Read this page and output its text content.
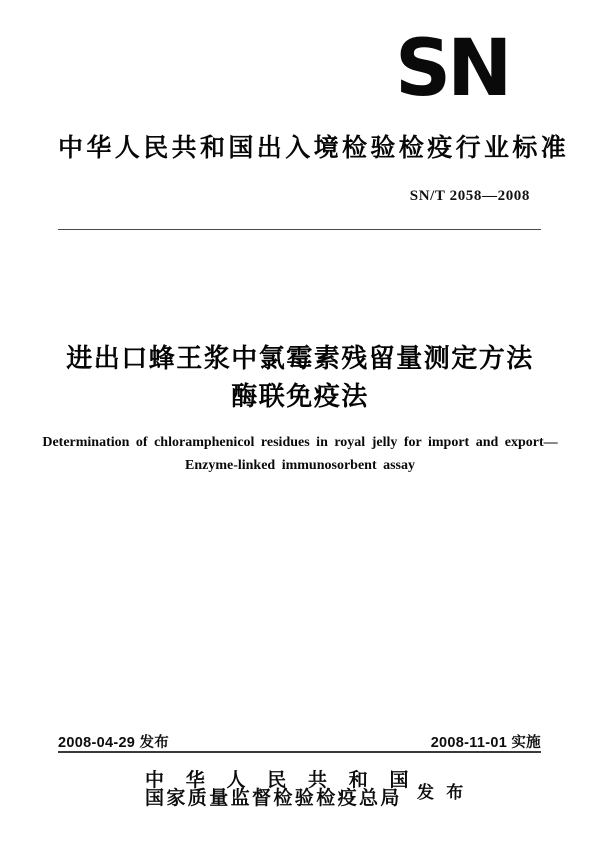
SN
中华人民共和国出入境检验检疫行业标准
SN/T 2058—2008
进出口蜂王浆中氯霉素残留量测定方法
酶联免疫法
Determination of chloramphenicol residues in royal jelly for import and export—
Enzyme-linked immunosorbent assay
2008-04-29 发布	2008-11-01 实施
中 华 人 民 共 和 国
国家质量监督检验检疫总局 发 布
